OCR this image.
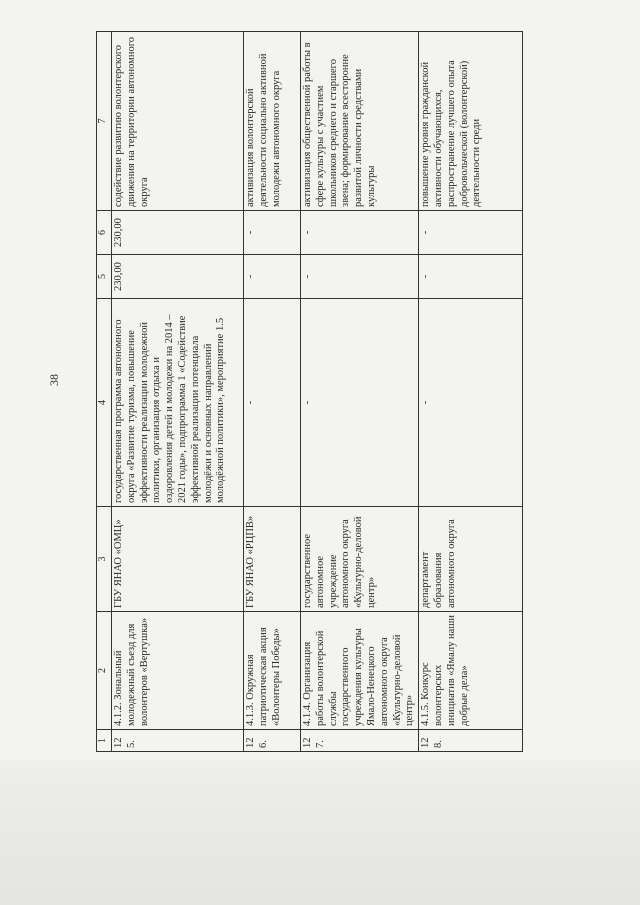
38
1	2	3	4	5	6	7
125.	4.1.2. Зональный молодежный съезд для волонтеров «Вертушка»	ГБУ ЯНАО «ОМЦ»	государственная программа автономного округа «Развитие туризма, повышение эффективности реализации молодежной политики, организация отдыха и оздоровления детей и молодежи на 2014 – 2021 годы», подпрограмма 1 «Содействие эффективной реализации потенциала молодёжи и основных направлений молодёжной политики», мероприятие 1.5	230,00	230,00	содействие развитию волонтерского движения на территории автономного округа
126.	4.1.3. Окружная патриотическая акция «Волонтеры Победы»	ГБУ ЯНАО «РЦПВ»	-	-	-	активизация волонтерской деятельности социально активной молодежи автономного округа
127.	4.1.4. Организация работы волонтерской службы государственного учреждения культуры Ямало-Ненецкого автономного округа «Культурно-деловой центр»	государственное автономное учреждение автономного округа «Культурно-деловой центр»	-	-	-	активизация общественной работы в сфере культуры с участием школьников среднего и старшего звена; формирование всесторонне развитой личности средствами культуры
128.	4.1.5. Конкурс волонтерских инициатив «Ямалу наши добрые дела»	департамент образования автономного округа	-	-	-	повышение уровня гражданской активности обучающихся, распространение лучшего опыта добровольческой (волонтерской) деятельности среди
